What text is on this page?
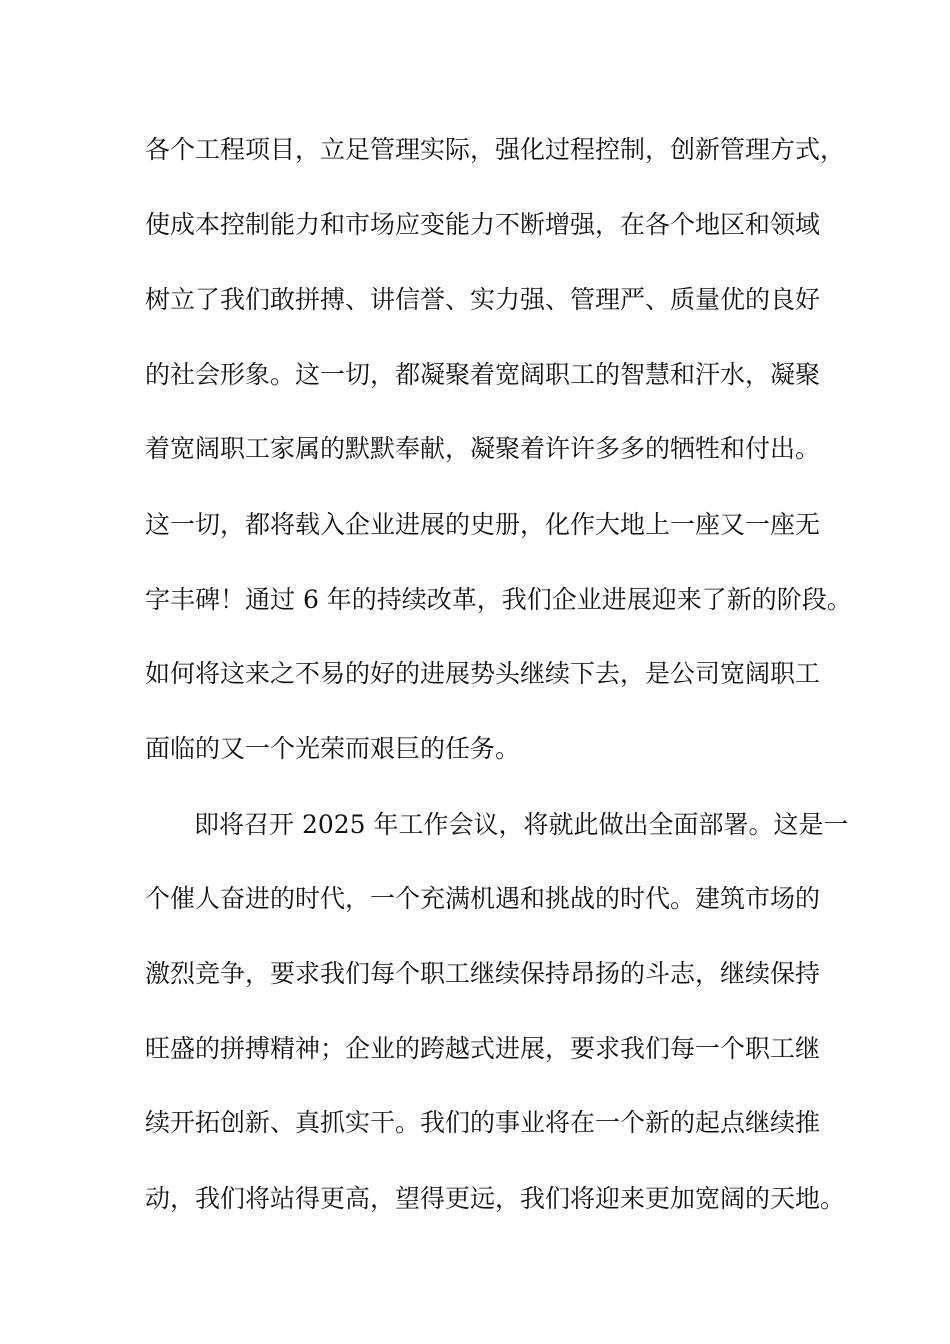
各个工程项目，立足管理实际，强化过程控制，创新管理方式，
使成本控制能力和市场应变能力不断增强，在各个地区和领域
树立了我们敢拼搏、讲信誉、实力强、管理严、质量优的良好
的社会形象。这一切，都凝聚着宽阔职工的智慧和汗水，凝聚
着宽阔职工家属的默默奉献，凝聚着许许多多的牺牲和付出。
这一切，都将载入企业进展的史册，化作大地上一座又一座无
字丰碑！通过 6 年的持续改革，我们企业进展迎来了新的阶段。
如何将这来之不易的好的进展势头继续下去，是公司宽阔职工
面临的又一个光荣而艰巨的任务。
即将召开 2025 年工作会议，将就此做出全面部署。这是一
个催人奋进的时代，一个充满机遇和挑战的时代。建筑市场的
激烈竞争，要求我们每个职工继续保持昂扬的斗志，继续保持
旺盛的拼搏精神；企业的跨越式进展，要求我们每一个职工继
续开拓创新、真抓实干。我们的事业将在一个新的起点继续推
动，我们将站得更高，望得更远，我们将迎来更加宽阔的天地。
